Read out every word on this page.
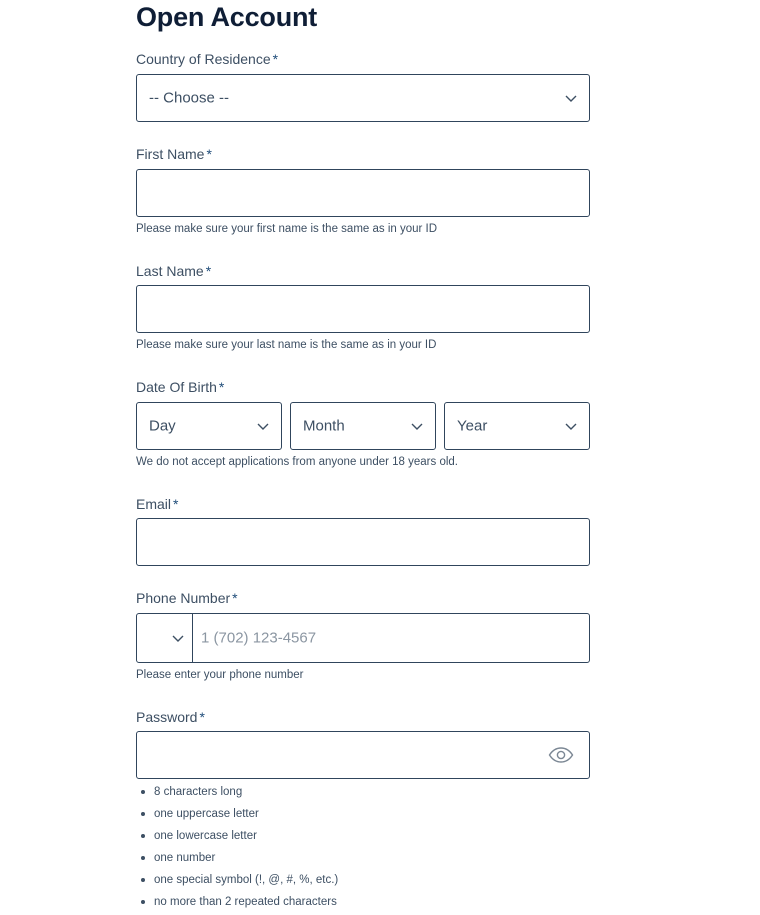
Open Account
Country of Residence *
-- Choose --
First Name *
Please make sure your first name is the same as in your ID
Last Name *
Please make sure your last name is the same as in your ID
Date Of Birth *
Day	Month	Year
We do not accept applications from anyone under 18 years old.
Email *
Phone Number *
1 (702) 123-4567
Please enter your phone number
Password *
8 characters long
one uppercase letter
one lowercase letter
one number
one special symbol (!, @, #, %, etc.)
no more than 2 repeated characters
